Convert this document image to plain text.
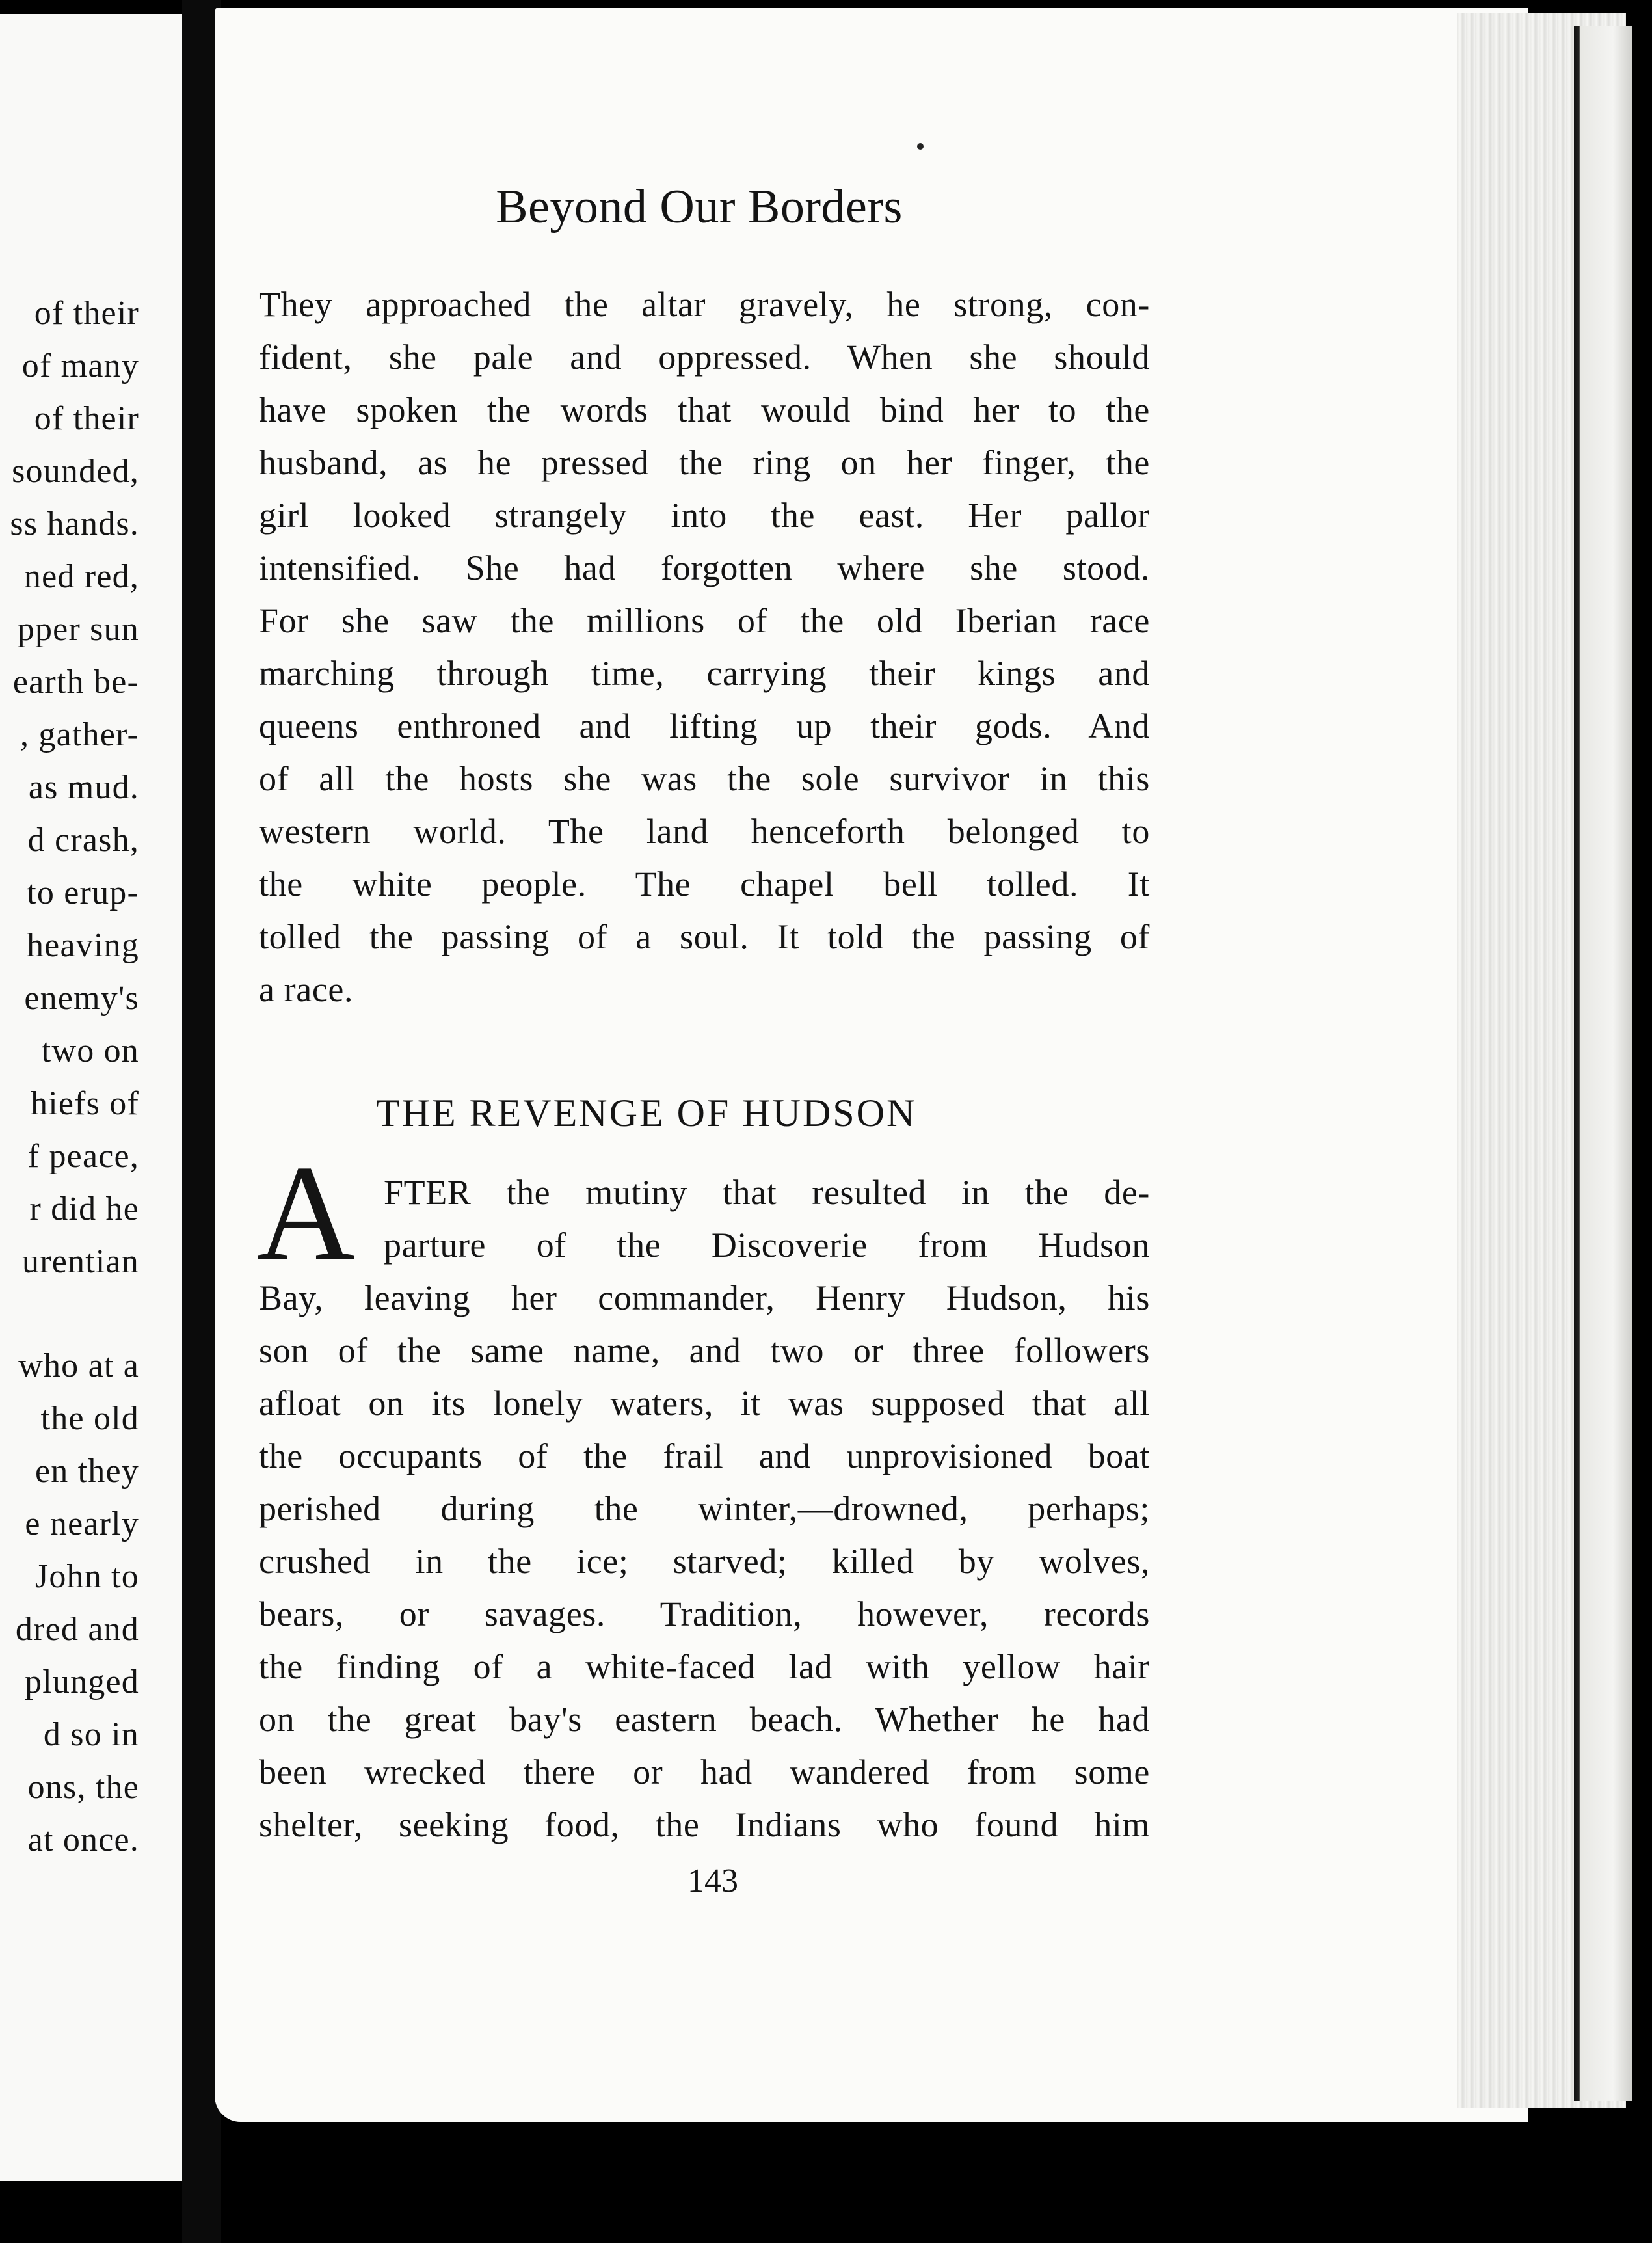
of their
of many
of their
sounded,
ss hands.
ned red,
pper sun
earth be-
, gather-
as mud.
d crash,
to erup-
heaving
enemy's
two on
hiefs of
f peace,
r did he
urentian
who at a
the old
en they
e nearly
John to
dred and
plunged
d so in
ons, the
at once.
Beyond Our Borders
They approached the altar gravely, he strong, con-
fident, she pale and oppressed. When she should
have spoken the words that would bind her to the
husband, as he pressed the ring on her finger, the
girl looked strangely into the east. Her pallor
intensified. She had forgotten where she stood.
For she saw the millions of the old Iberian race
marching through time, carrying their kings and
queens enthroned and lifting up their gods. And
of all the hosts she was the sole survivor in this
western world. The land henceforth belonged to
the white people. The chapel bell tolled. It
tolled the passing of a soul. It told the passing of
a race.
THE REVENGE OF HUDSON
A FTER the mutiny that resulted in the de-
parture of the Discoverie from Hudson
Bay, leaving her commander, Henry Hudson, his
son of the same name, and two or three followers
afloat on its lonely waters, it was supposed that all
the occupants of the frail and unprovisioned boat
perished during the winter,—drowned, perhaps;
crushed in the ice; starved; killed by wolves,
bears, or savages. Tradition, however, records
the finding of a white-faced lad with yellow hair
on the great bay's eastern beach. Whether he had
been wrecked there or had wandered from some
shelter, seeking food, the Indians who found him
143
